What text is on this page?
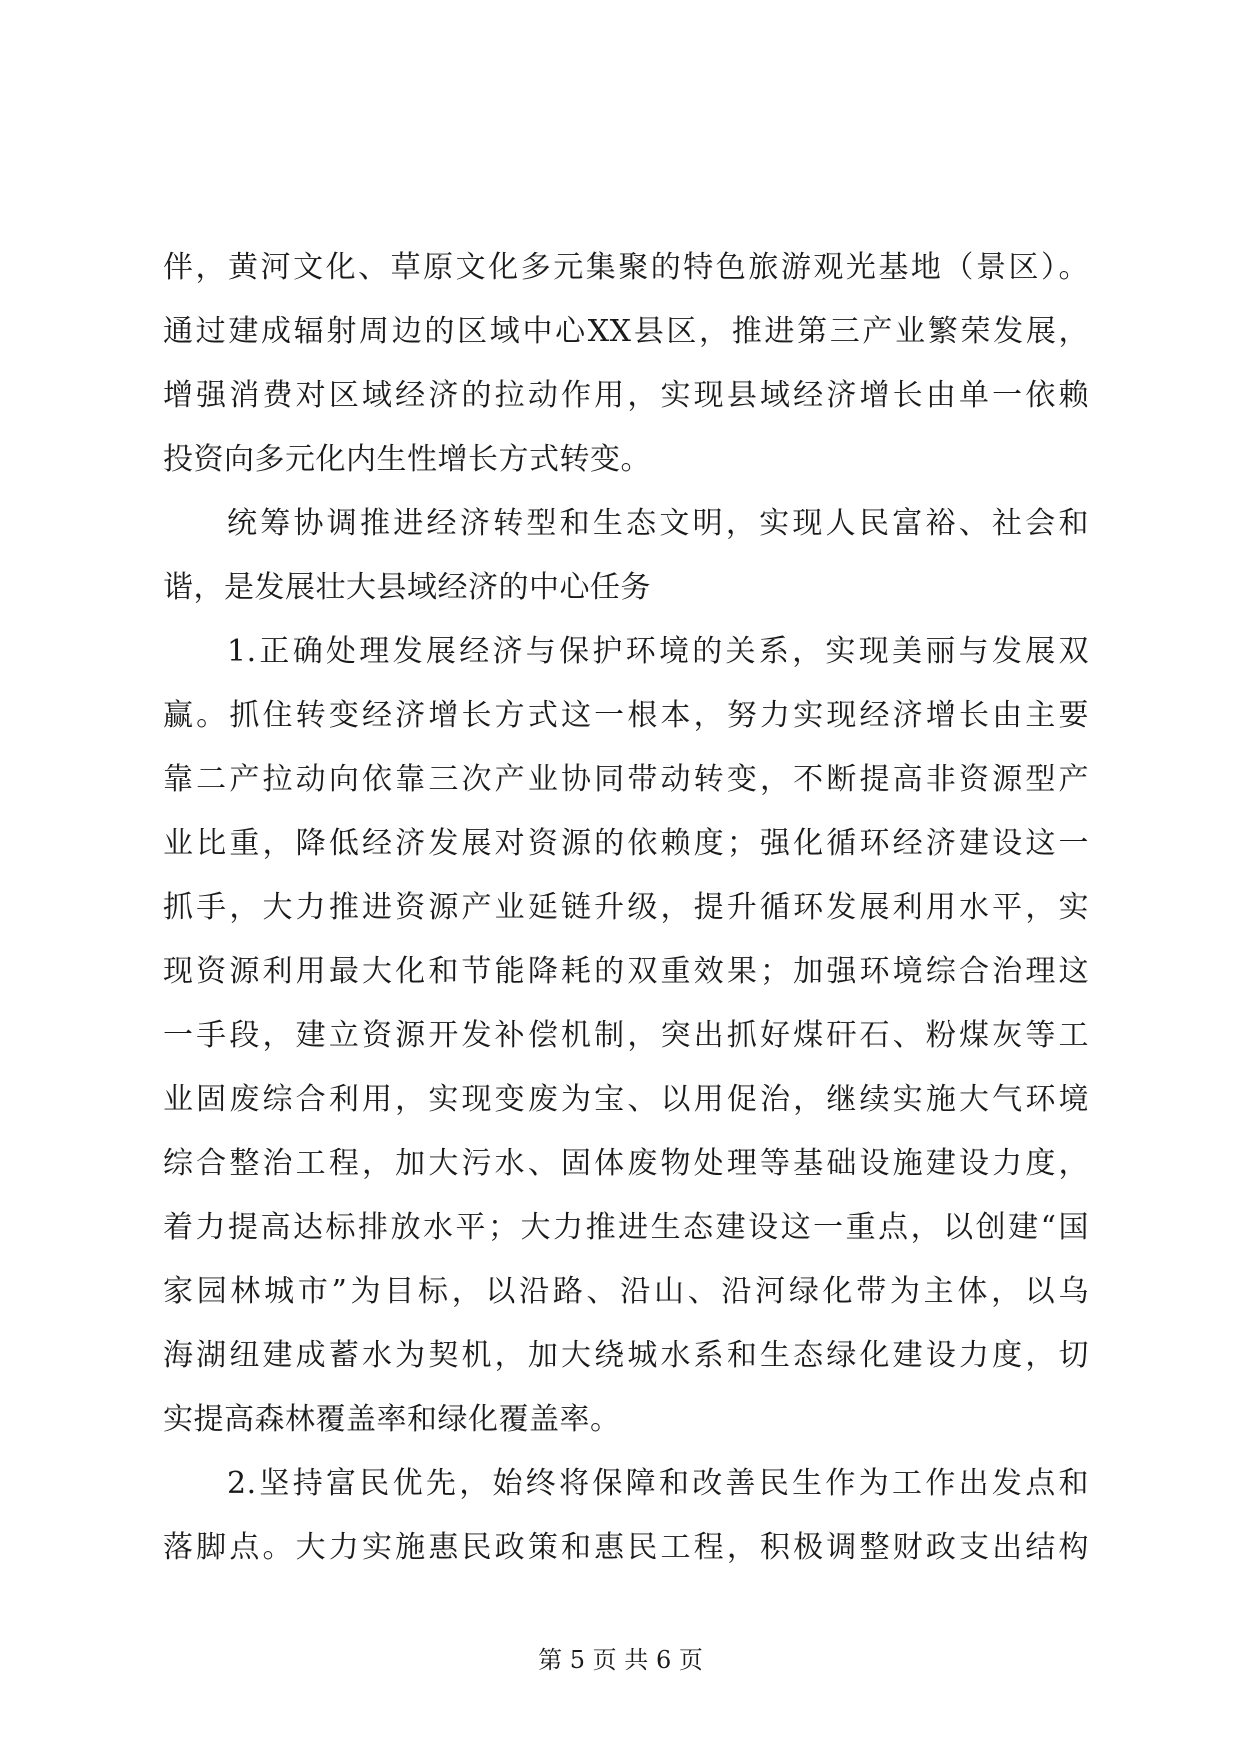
伴，黄河文化、草原文化多元集聚的特色旅游观光基地（景区）。
通过建成辐射周边的区域中心XX县区，推进第三产业繁荣发展，
增强消费对区域经济的拉动作用，实现县域经济增长由单一依赖
投资向多元化内生性增长方式转变。
统筹协调推进经济转型和生态文明，实现人民富裕、社会和
谐，是发展壮大县域经济的中心任务
1.正确处理发展经济与保护环境的关系，实现美丽与发展双
赢。抓住转变经济增长方式这一根本，努力实现经济增长由主要
靠二产拉动向依靠三次产业协同带动转变，不断提高非资源型产
业比重，降低经济发展对资源的依赖度；强化循环经济建设这一
抓手，大力推进资源产业延链升级，提升循环发展利用水平，实
现资源利用最大化和节能降耗的双重效果；加强环境综合治理这
一手段，建立资源开发补偿机制，突出抓好煤矸石、粉煤灰等工
业固废综合利用，实现变废为宝、以用促治，继续实施大气环境
综合整治工程，加大污水、固体废物处理等基础设施建设力度，
着力提高达标排放水平；大力推进生态建设这一重点，以创建“国
家园林城市”为目标，以沿路、沿山、沿河绿化带为主体，以乌
海湖纽建成蓄水为契机，加大绕城水系和生态绿化建设力度，切
实提高森林覆盖率和绿化覆盖率。
2.坚持富民优先，始终将保障和改善民生作为工作出发点和
落脚点。大力实施惠民政策和惠民工程，积极调整财政支出结构
第 5 页 共 6 页
